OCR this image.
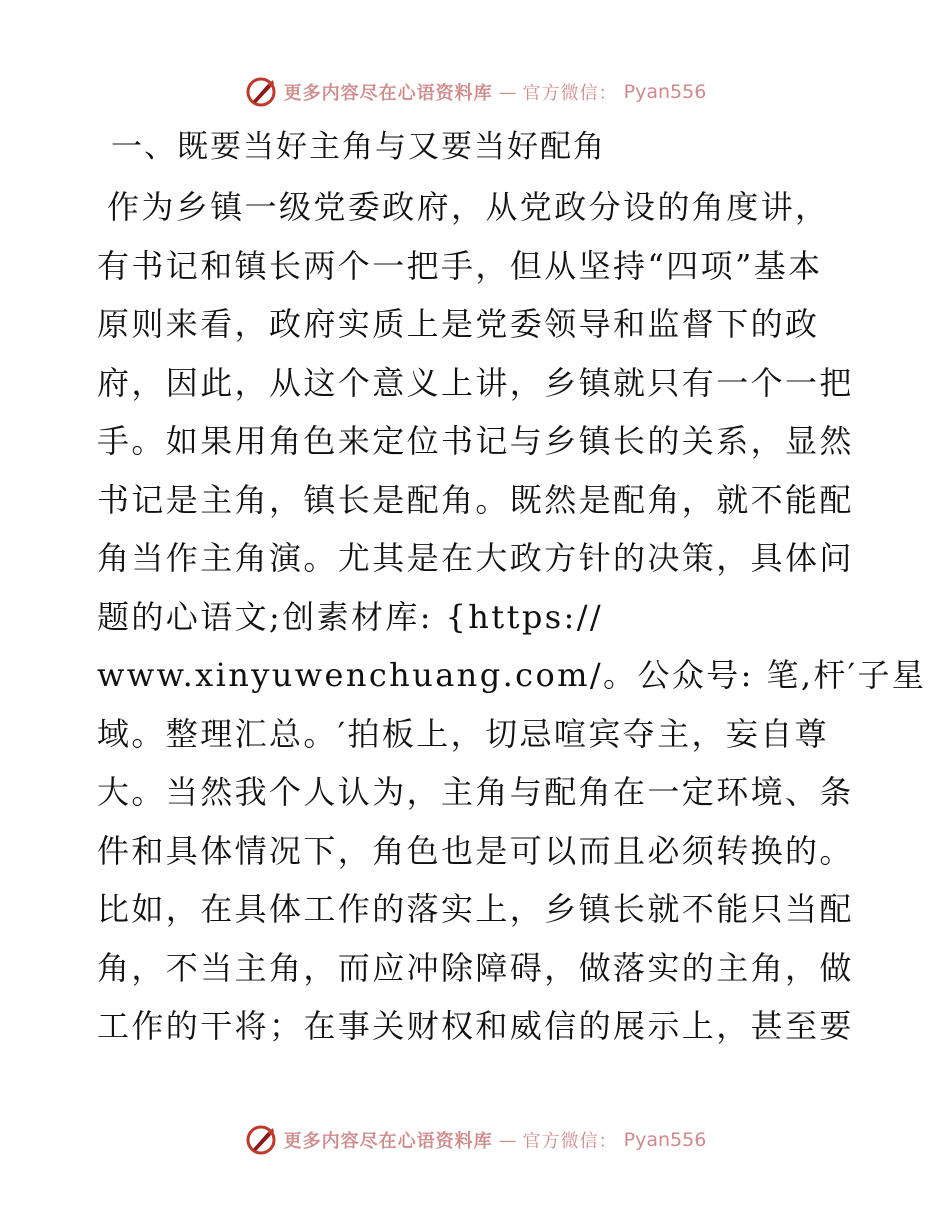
更多内容尽在心语资料库 — 官方微信： Pyan556
一、既要当好主角与又要当好配角
作为乡镇一级党委政府，从党政分设的角度讲，
有书记和镇长两个一把手，但从坚持“四项”基本
原则来看，政府实质上是党委领导和监督下的政
府，因此，从这个意义上讲，乡镇就只有一个一把
手。如果用角色来定位书记与乡镇长的关系，显然
书记是主角，镇长是配角。既然是配角，就不能配
角当作主角演。尤其是在大政方针的决策，具体问
题的心语文;创素材库: {https://
www.xinyuwenchuang.com/。公众号: 笔,杆′子星
域。整理汇总。′拍板上，切忌喧宾夺主，妄自尊
大。当然我个人认为，主角与配角在一定环境、条
件和具体情况下，角色也是可以而且必须转换的。
比如，在具体工作的落实上，乡镇长就不能只当配
角，不当主角，而应冲除障碍，做落实的主角，做
工作的干将；在事关财权和威信的展示上，甚至要
更多内容尽在心语资料库 — 官方微信： Pyan556
